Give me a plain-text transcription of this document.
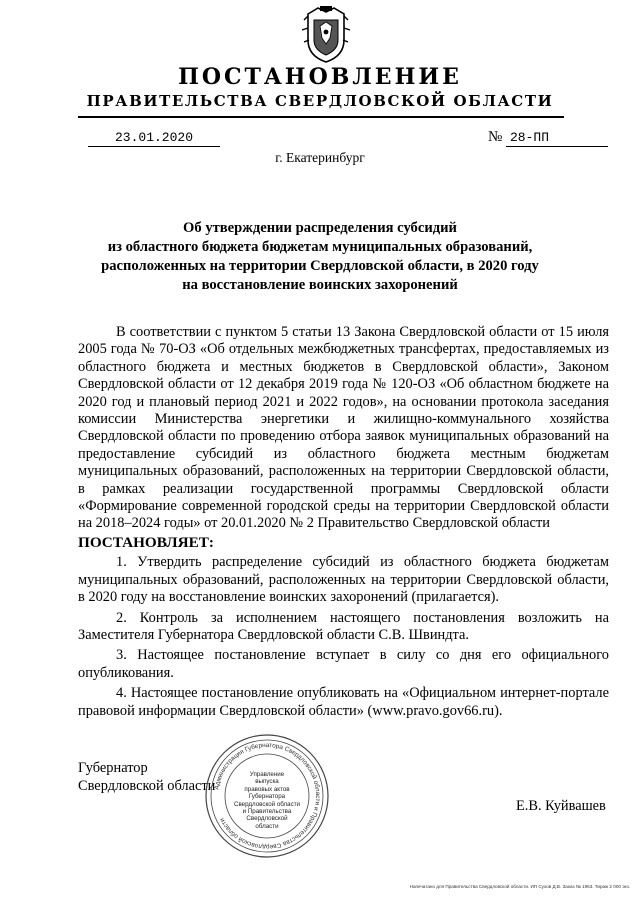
ПОСТАНОВЛЕНИЕ
ПРАВИТЕЛЬСТВА СВЕРДЛОВСКОЙ ОБЛАСТИ
23.01.2020	№ 28-ПП
г. Екатеринбург
Об утверждении распределения субсидий
из областного бюджета бюджетам муниципальных образований,
расположенных на территории Свердловской области, в 2020 году
на восстановление воинских захоронений

В соответствии с пунктом 5 статьи 13 Закона Свердловской области от 15 июля 2005 года № 70-ОЗ «Об отдельных межбюджетных трансфертах, предоставляемых из областного бюджета и местных бюджетов в Свердловской области», Законом Свердловской области от 12 декабря 2019 года № 120-ОЗ «Об областном бюджете на 2020 год и плановый период 2021 и 2022 годов», на основании протокола заседания комиссии Министерства энергетики и жилищно-коммунального хозяйства Свердловской области по проведению отбора заявок муниципальных образований на предоставление субсидий из областного бюджета местным бюджетам муниципальных образований, расположенных на территории Свердловской области, в рамках реализации государственной программы Свердловской области «Формирование современной городской среды на территории Свердловской области на 2018–2024 годы» от 20.01.2020 № 2 Правительство Свердловской области

ПОСТАНОВЛЯЕТ:

1. Утвердить распределение субсидий из областного бюджета бюджетам муниципальных образований, расположенных на территории Свердловской области, в 2020 году на восстановление воинских захоронений (прилагается).

2. Контроль за исполнением настоящего постановления возложить на Заместителя Губернатора Свердловской области С.В. Швиндта.

3. Настоящее постановление вступает в силу со дня его официального опубликования.

4. Настоящее постановление опубликовать на «Официальном интернет-портале правовой информации Свердловской области» (www.pravo.gov66.ru).

Губернатор
Свердловской области
Администрация Губернатора Свердловской области и Правительства Свердловской области
Управление
выпуска
правовых актов
Губернатора
Свердловской области
и Правительства
Свердловской
области
Е.В. Куйвашев
Напечатано для Правительства Свердловской области. ИП Сухов Д.В. Заказ № 1963. Тираж 2 000 экз.
